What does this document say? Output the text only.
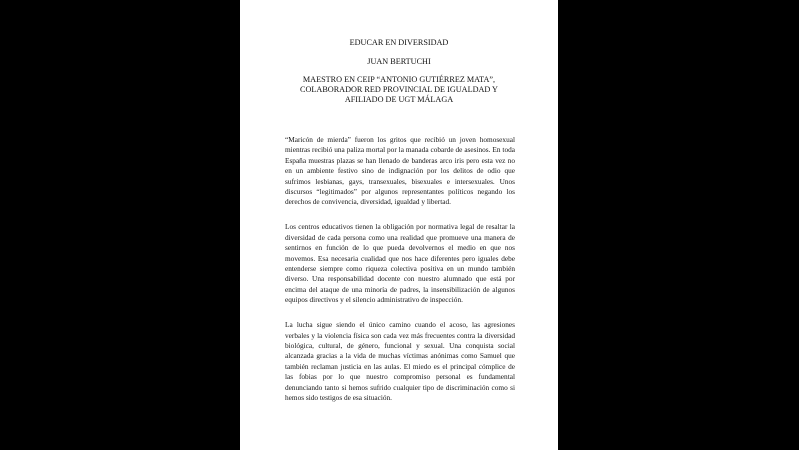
EDUCAR EN DIVERSIDAD
JUAN BERTUCHI
MAESTRO EN CEIP “ANTONIO GUTIÉRREZ MATA”,
COLABORADOR RED PROVINCIAL DE IGUALDAD Y
AFILIADO DE UGT MÁLAGA

“Maricón de mierda” fueron los gritos que recibió un joven homosexual mientras recibió una paliza mortal por la manada cobarde de asesinos. En toda España muestras plazas se han llenado de banderas arco iris pero esta vez no en un ambiente festivo sino de indignación por los delitos de odio que sufrimos lesbianas, gays, transexuales, bisexuales e intersexuales. Unos discursos “legitimados” por algunos representantes políticos negando los derechos de convivencia, diversidad, igualdad y libertad.

Los centros educativos tienen la obligación por normativa legal de resaltar la diversidad de cada persona como una realidad que promueve una manera de sentirnos en función de lo que pueda devolvernos el medio en que nos movemos. Esa necesaria cualidad que nos hace diferentes pero iguales debe entenderse siempre como riqueza colectiva positiva en un mundo también diverso. Una responsabilidad docente con nuestro alumnado que está por encima del ataque de una minoría de padres, la insensibilización de algunos equipos directivos y el silencio administrativo de inspección.

La lucha sigue siendo el único camino cuando el acoso, las agresiones verbales y la violencia física son cada vez más frecuentes contra la diversidad biológica, cultural, de género, funcional y sexual. Una conquista social alcanzada gracias a la vida de muchas víctimas anónimas como Samuel que también reclaman justicia en las aulas. El miedo es el principal cómplice de las fobias por lo que nuestro compromiso personal es fundamental denunciando tanto si hemos sufrido cualquier tipo de discriminación como si hemos sido testigos de esa situación.
